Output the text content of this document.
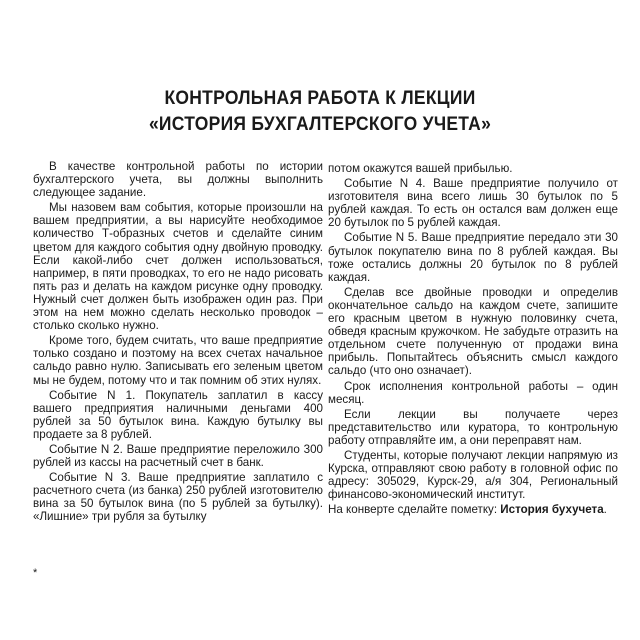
КОНТРОЛЬНАЯ РАБОТА К ЛЕКЦИИ
«ИСТОРИЯ БУХГАЛТЕРСКОГО УЧЕТА»

В качестве контрольной работы по истории бухгалтерского учета, вы должны выполнить следующее задание.

Мы назовем вам события, которые произошли на вашем предприятии, а вы нарисуйте необходимое количество Т-образных счетов и сделайте синим цветом для каждого события одну двойную проводку. Если какой-либо счет должен использоваться, например, в пяти проводках, то его не надо рисовать пять раз и делать на каждом рисунке одну проводку. Нужный счет должен быть изображен один раз. При этом на нем можно сделать несколько проводок – столько сколько нужно.

Кроме того, будем считать, что ваше предприятие только создано и поэтому на всех счетах начальное сальдо равно нулю. Записывать его зеленым цветом мы не будем, потому что и так помним об этих нулях.

Событие N 1. Покупатель заплатил в кассу вашего предприятия наличными деньгами 400 рублей за 50 бутылок вина. Каждую бутылку вы продаете за 8 рублей.

Событие N 2. Ваше предприятие переложило 300 рублей из кассы на расчетный счет в банк.

Событие N 3. Ваше предприятие заплатило с расчетного счета (из банка) 250 рублей изготовителю вина за 50 бутылок вина (по 5 рублей за бутылку). «Лишние» три рубля за бутылку

*

потом окажутся вашей прибылью.

Событие N 4. Ваше предприятие получило от изготовителя вина всего лишь 30 бутылок по 5 рублей каждая. То есть он остался вам должен еще 20 бутылок по 5 рублей каждая.

Событие N 5. Ваше предприятие передало эти 30 бутылок покупателю вина по 8 рублей каждая. Вы тоже остались должны 20 бутылок по 8 рублей каждая.

Сделав все двойные проводки и определив окончательное сальдо на каждом счете, запишите его красным цветом в нужную половинку счета, обведя красным кружочком. Не забудьте отразить на отдельном счете полученную от продажи вина прибыль. Попытайтесь объяснить смысл каждого сальдо (что оно означает).

Срок исполнения контрольной работы – один месяц.

Если лекции вы получаете через представительство или куратора, то контрольную работу отправляйте им, а они переправят нам.

Студенты, которые получают лекции напрямую из Курска, отправляют свою работу в головной офис по адресу: 305029, Курск-29, а/я 304, Региональный финансово-экономический институт.

На конверте сделайте пометку: История бухучета.
